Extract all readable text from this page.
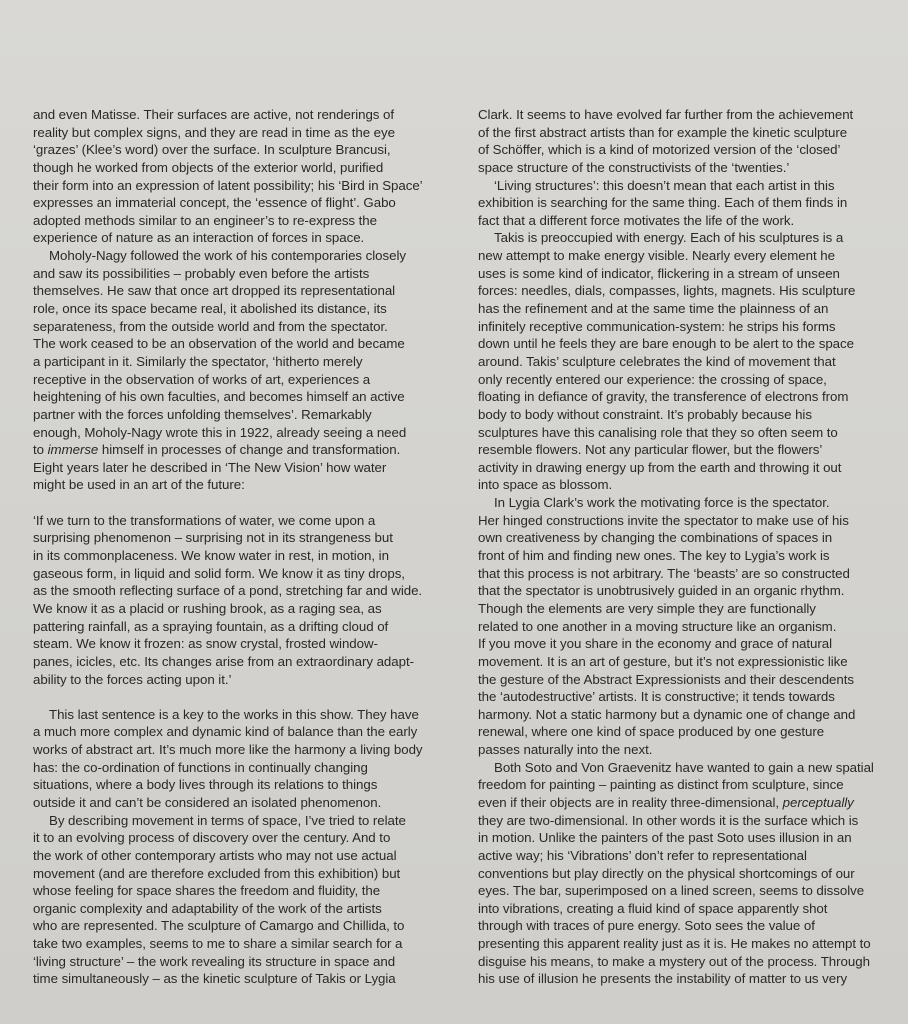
and even Matisse. Their surfaces are active, not renderings of
reality but complex signs, and they are read in time as the eye
‘grazes’ (Klee’s word) over the surface. In sculpture Brancusi,
though he worked from objects of the exterior world, purified
their form into an expression of latent possibility; his ‘Bird in Space’
expresses an immaterial concept, the ‘essence of flight’. Gabo
adopted methods similar to an engineer’s to re-express the
experience of nature as an interaction of forces in space.
Moholy-Nagy followed the work of his contemporaries closely
and saw its possibilities – probably even before the artists
themselves. He saw that once art dropped its representational
role, once its space became real, it abolished its distance, its
separateness, from the outside world and from the spectator.
The work ceased to be an observation of the world and became
a participant in it. Similarly the spectator, ‘hitherto merely
receptive in the observation of works of art, experiences a
heightening of his own faculties, and becomes himself an active
partner with the forces unfolding themselves’. Remarkably
enough, Moholy-Nagy wrote this in 1922, already seeing a need
to immerse himself in processes of change and transformation.
Eight years later he described in ‘The New Vision’ how water
might be used in an art of the future:
‘If we turn to the transformations of water, we come upon a
surprising phenomenon – surprising not in its strangeness but
in its commonplaceness. We know water in rest, in motion, in
gaseous form, in liquid and solid form. We know it as tiny drops,
as the smooth reflecting surface of a pond, stretching far and wide.
We know it as a placid or rushing brook, as a raging sea, as
pattering rainfall, as a spraying fountain, as a drifting cloud of
steam. We know it frozen: as snow crystal, frosted window-
panes, icicles, etc. Its changes arise from an extraordinary adapt-
ability to the forces acting upon it.’
This last sentence is a key to the works in this show. They have
a much more complex and dynamic kind of balance than the early
works of abstract art. It’s much more like the harmony a living body
has: the co-ordination of functions in continually changing
situations, where a body lives through its relations to things
outside it and can’t be considered an isolated phenomenon.
By describing movement in terms of space, I’ve tried to relate
it to an evolving process of discovery over the century. And to
the work of other contemporary artists who may not use actual
movement (and are therefore excluded from this exhibition) but
whose feeling for space shares the freedom and fluidity, the
organic complexity and adaptability of the work of the artists
who are represented. The sculpture of Camargo and Chillida, to
take two examples, seems to me to share a similar search for a
‘living structure’ – the work revealing its structure in space and
time simultaneously – as the kinetic sculpture of Takis or Lygia
Clark. It seems to have evolved far further from the achievement
of the first abstract artists than for example the kinetic sculpture
of Schöffer, which is a kind of motorized version of the ‘closed’
space structure of the constructivists of the ‘twenties.’
‘Living structures’: this doesn’t mean that each artist in this
exhibition is searching for the same thing. Each of them finds in
fact that a different force motivates the life of the work.
Takis is preoccupied with energy. Each of his sculptures is a
new attempt to make energy visible. Nearly every element he
uses is some kind of indicator, flickering in a stream of unseen
forces: needles, dials, compasses, lights, magnets. His sculpture
has the refinement and at the same time the plainness of an
infinitely receptive communication-system: he strips his forms
down until he feels they are bare enough to be alert to the space
around. Takis’ sculpture celebrates the kind of movement that
only recently entered our experience: the crossing of space,
floating in defiance of gravity, the transference of electrons from
body to body without constraint. It’s probably because his
sculptures have this canalising role that they so often seem to
resemble flowers. Not any particular flower, but the flowers’
activity in drawing energy up from the earth and throwing it out
into space as blossom.
In Lygia Clark’s work the motivating force is the spectator.
Her hinged constructions invite the spectator to make use of his
own creativeness by changing the combinations of spaces in
front of him and finding new ones. The key to Lygia’s work is
that this process is not arbitrary. The ‘beasts’ are so constructed
that the spectator is unobtrusively guided in an organic rhythm.
Though the elements are very simple they are functionally
related to one another in a moving structure like an organism.
If you move it you share in the economy and grace of natural
movement. It is an art of gesture, but it’s not expressionistic like
the gesture of the Abstract Expressionists and their descendents
the ‘autodestructive’ artists. It is constructive; it tends towards
harmony. Not a static harmony but a dynamic one of change and
renewal, where one kind of space produced by one gesture
passes naturally into the next.
Both Soto and Von Graevenitz have wanted to gain a new spatial
freedom for painting – painting as distinct from sculpture, since
even if their objects are in reality three-dimensional, perceptually
they are two-dimensional. In other words it is the surface which is
in motion. Unlike the painters of the past Soto uses illusion in an
active way; his ‘Vibrations’ don’t refer to representational
conventions but play directly on the physical shortcomings of our
eyes. The bar, superimposed on a lined screen, seems to dissolve
into vibrations, creating a fluid kind of space apparently shot
through with traces of pure energy. Soto sees the value of
presenting this apparent reality just as it is. He makes no attempt to
disguise his means, to make a mystery out of the process. Through
his use of illusion he presents the instability of matter to us very
